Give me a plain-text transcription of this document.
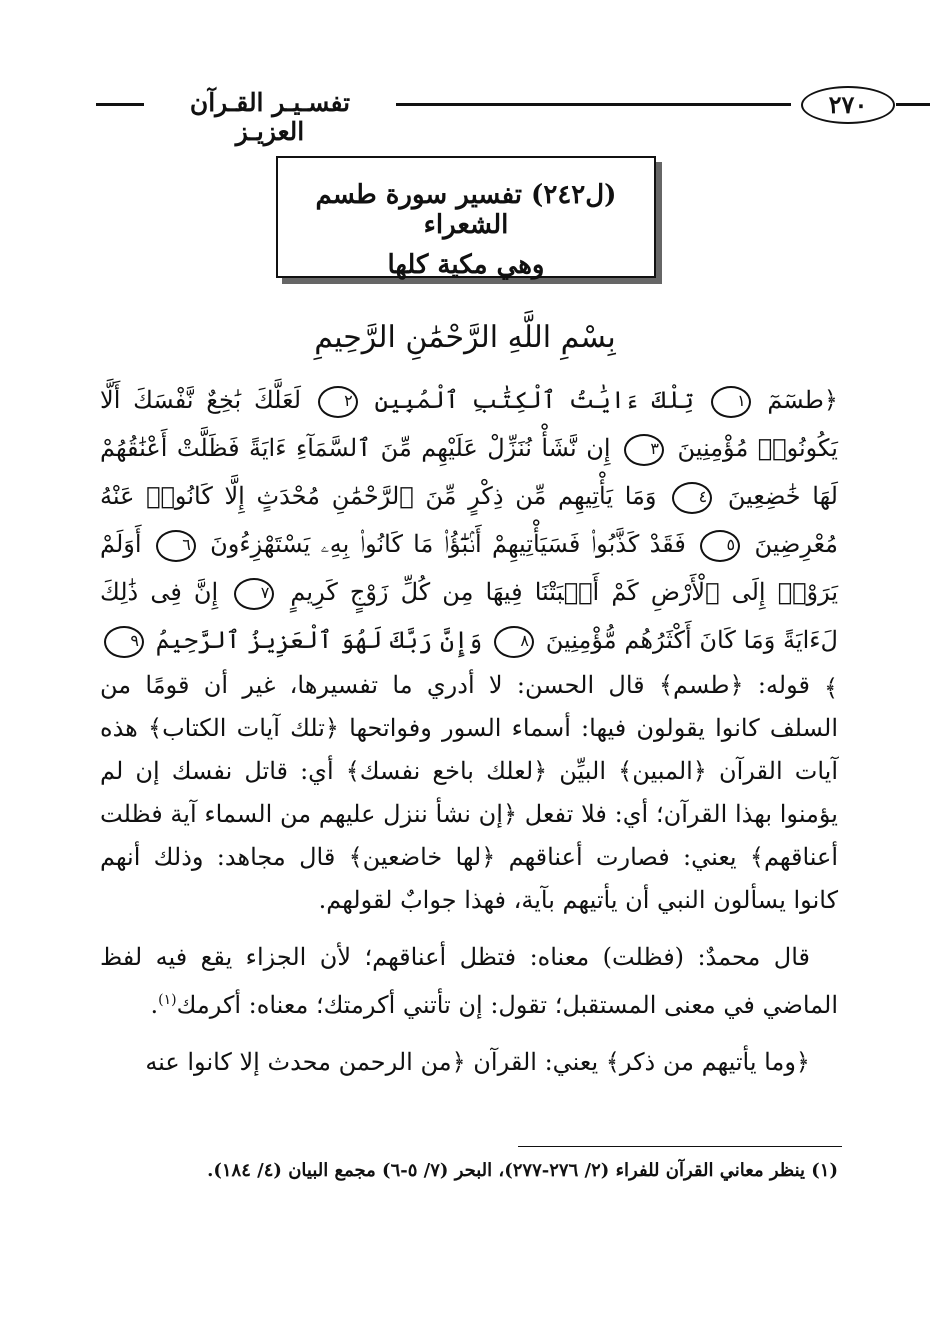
تفسـيـر القـرآن العزيـز
٢٧٠
(ل٢٤٢) تفسير سورة طسم الشعراء
وهي مكية كلها
بِسْمِ اللَّهِ الرَّحْمَٰنِ الرَّحِيمِ
﴿طسٓمٓ ١ تِلْكَ ءَايَٰتُ ٱلْكِتَٰبِ ٱلْمُبِينِ ٢ لَعَلَّكَ بَٰخِعٌ نَّفْسَكَ أَلَّا يَكُونُوا۟ مُؤْمِنِينَ ٣ إِن نَّشَأْ نُنَزِّلْ عَلَيْهِم مِّنَ ٱلسَّمَآءِ ءَايَةً فَظَلَّتْ أَعْنَٰقُهُمْ لَهَا خَٰضِعِينَ ٤ وَمَا يَأْتِيهِم مِّن ذِكْرٍ مِّنَ ٱلرَّحْمَٰنِ مُحْدَثٍ إِلَّا كَانُوا۟ عَنْهُ مُعْرِضِينَ ٥ فَقَدْ كَذَّبُوا۟ فَسَيَأْتِيهِمْ أَنۢبَٰٓؤُا۟ مَا كَانُوا۟ بِهِۦ يَسْتَهْزِءُونَ ٦ أَوَلَمْ يَرَوْا۟ إِلَى ٱلْأَرْضِ كَمْ أَنۢبَتْنَا فِيهَا مِن كُلِّ زَوْجٍ كَرِيمٍ ٧ إِنَّ فِى ذَٰلِكَ لَءَايَةً وَمَا كَانَ أَكْثَرُهُم مُّؤْمِنِينَ ٨ وَإِنَّ رَبَّكَ لَهُوَ ٱلْعَزِيزُ ٱلرَّحِيمُ ٩ ﴾

قوله: ﴿طسم﴾ قال الحسن: لا أدري ما تفسيرها، غير أن قومًا من السلف كانوا يقولون فيها: أسماء السور وفواتحها ﴿تلك آيات الكتاب﴾ هذه آيات القرآن ﴿المبين﴾ البيِّن ﴿لعلك باخع نفسك﴾ أي: قاتل نفسك إن لم يؤمنوا بهذا القرآن؛ أي: فلا تفعل ﴿إن نشأ ننزل عليهم من السماء آية فظلت أعناقهم﴾ يعني: فصارت أعناقهم ﴿لها خاضعين﴾ قال مجاهد: وذلك أنهم كانوا يسألون النبي أن يأتيهم بآية، فهذا جوابٌ لقولهم.

قال محمدٌ: (فظلت) معناه: فتظل أعناقهم؛ لأن الجزاء يقع فيه لفظ الماضي في معنى المستقبل؛ تقول: إن تأتني أكرمتك؛ معناه: أكرمك$^{(١)}$.

﴿وما يأتيهم من ذكر﴾ يعني: القرآن ﴿من الرحمن محدث إلا كانوا عنه

(١) ينظر معاني القرآن للفراء (٢/ ٢٧٦-٢٧٧)، البحر (٧/ ٥-٦) مجمع البيان (٤/ ١٨٤).
